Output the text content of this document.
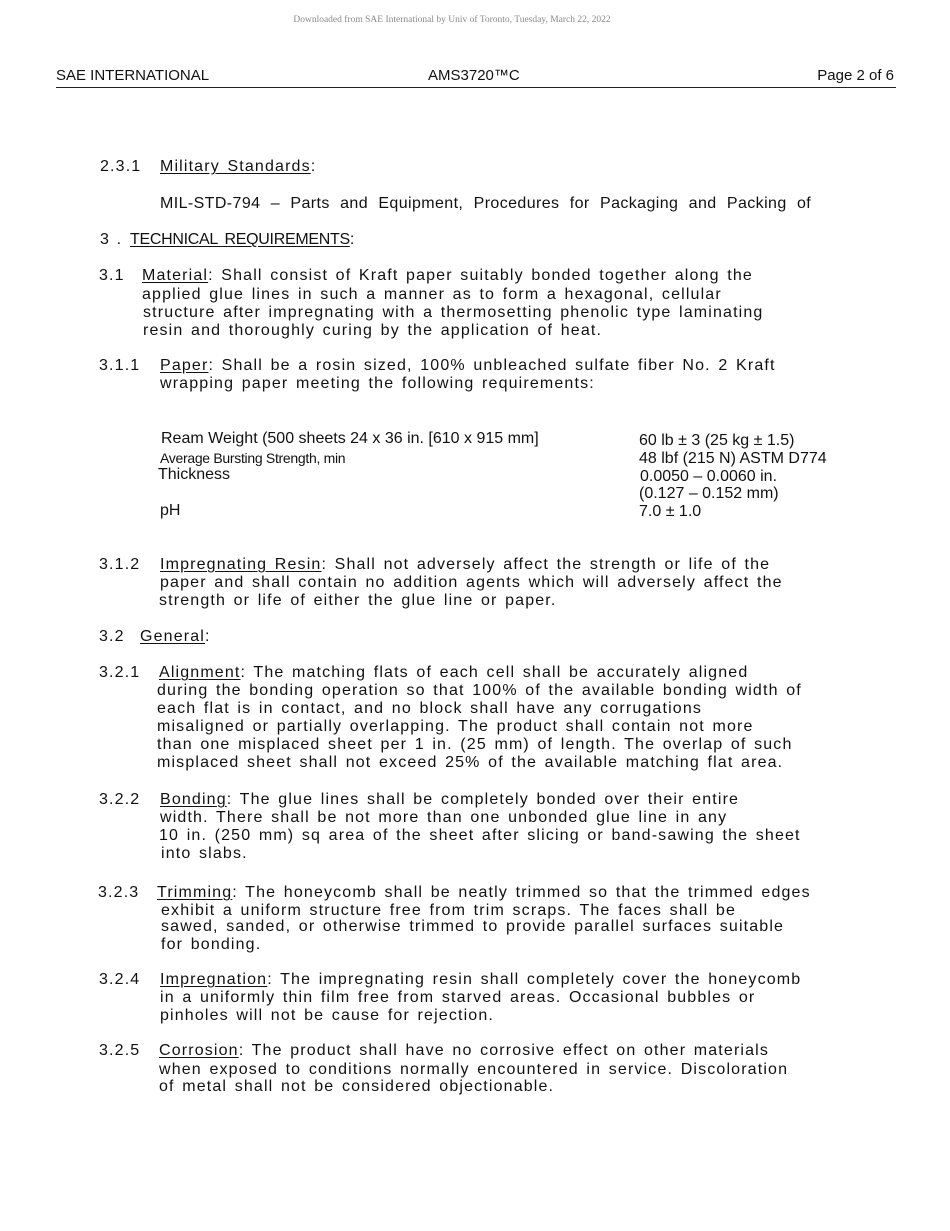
Downloaded from SAE International by Univ of Toronto, Tuesday, March 22, 2022
SAE INTERNATIONAL	AMS3720™C	Page 2 of 6
2.3.1 Military Standards:
MIL-STD-794 – Parts and Equipment, Procedures for Packaging and Packing of
3 . TECHNICAL REQUIREMENTS:
3.1 Material: Shall consist of Kraft paper suitably bonded together along the
applied glue lines in such a manner as to form a hexagonal, cellular
structure after impregnating with a thermosetting phenolic type laminating
resin and thoroughly curing by the application of heat.
3.1.1 Paper: Shall be a rosin sized, 100% unbleached sulfate fiber No. 2 Kraft
wrapping paper meeting the following requirements:
Ream Weight (500 sheets 24 x 36 in. [610 x 915 mm]	60 lb ± 3 (25 kg ± 1.5)
Average Bursting Strength, min	48 lbf (215 N) ASTM D774
Thickness	0.0050 – 0.0060 in.
(0.127 – 0.152 mm)
pH	7.0 ± 1.0
3.1.2 Impregnating Resin: Shall not adversely affect the strength or life of the
paper and shall contain no addition agents which will adversely affect the
strength or life of either the glue line or paper.
3.2 General:
3.2.1 Alignment: The matching flats of each cell shall be accurately aligned
during the bonding operation so that 100% of the available bonding width of
each flat is in contact, and no block shall have any corrugations
misaligned or partially overlapping. The product shall contain not more
than one misplaced sheet per 1 in. (25 mm) of length. The overlap of such
misplaced sheet shall not exceed 25% of the available matching flat area.
3.2.2 Bonding: The glue lines shall be completely bonded over their entire
width. There shall be not more than one unbonded glue line in any
10 in. (250 mm) sq area of the sheet after slicing or band-sawing the sheet
into slabs.
3.2.3 Trimming: The honeycomb shall be neatly trimmed so that the trimmed edges
exhibit a uniform structure free from trim scraps. The faces shall be
sawed, sanded, or otherwise trimmed to provide parallel surfaces suitable
for bonding.
3.2.4 Impregnation: The impregnating resin shall completely cover the honeycomb
in a uniformly thin film free from starved areas. Occasional bubbles or
pinholes will not be cause for rejection.
3.2.5 Corrosion: The product shall have no corrosive effect on other materials
when exposed to conditions normally encountered in service. Discoloration
of metal shall not be considered objectionable.
